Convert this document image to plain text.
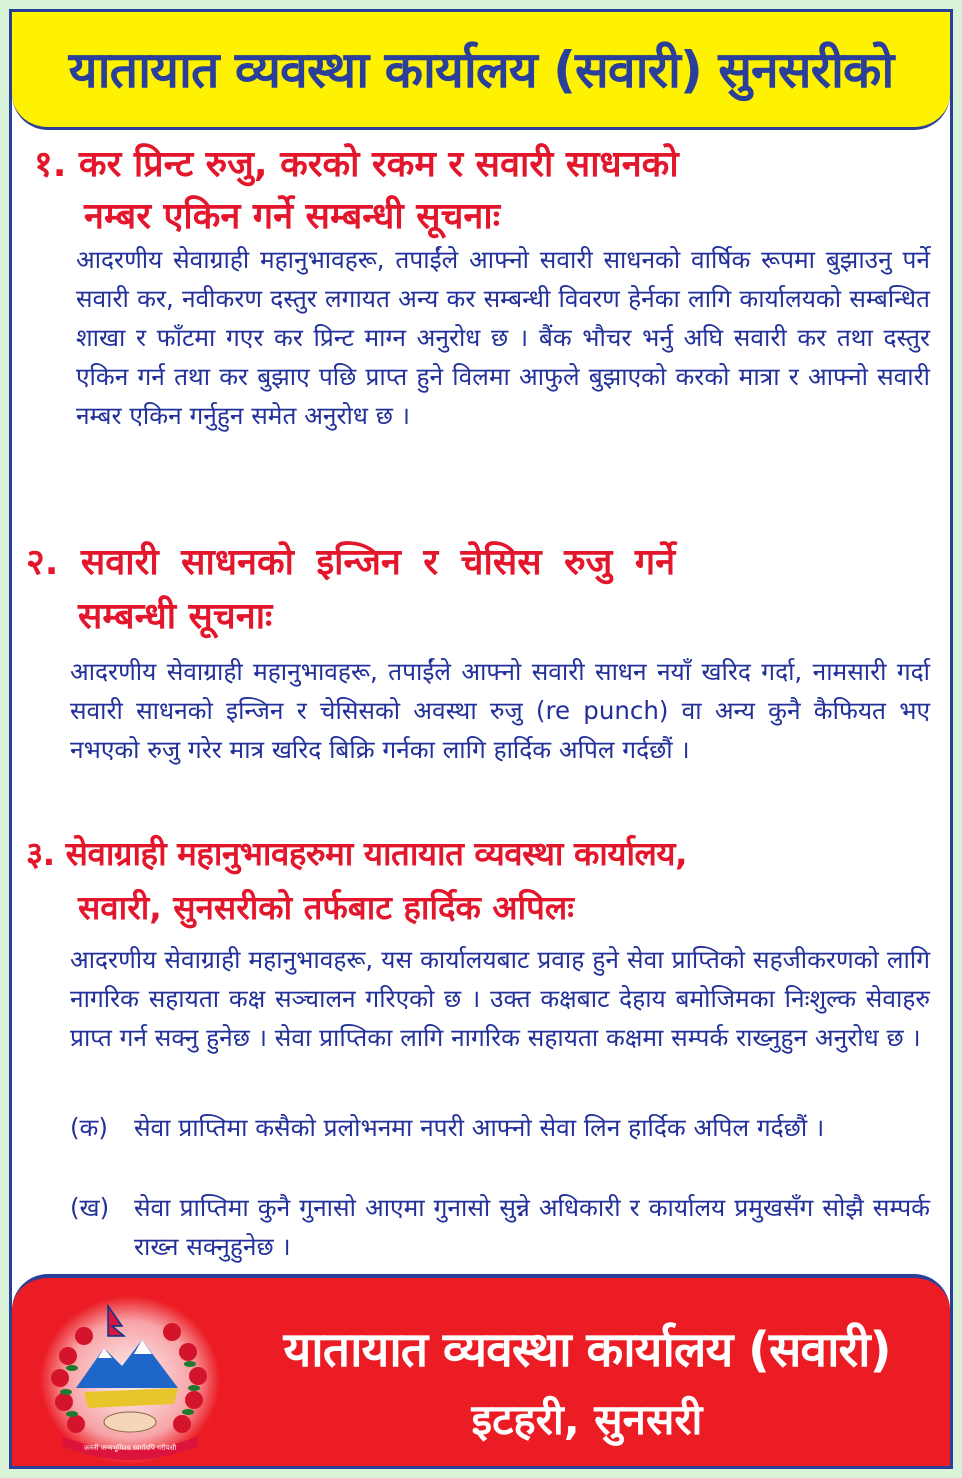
यातायात व्यवस्था कार्यालय (सवारी) सुनसरीको
१. कर प्रिन्ट रुजु, करको रकम र सवारी साधनको
नम्बर एकिन गर्ने सम्बन्धी सूचनाः
आदरणीय सेवाग्राही महानुभावहरू, तपाईंले आफ्नो सवारी साधनको वार्षिक रूपमा बुझाउनु पर्ने सवारी कर, नवीकरण दस्तुर लगायत अन्य कर सम्बन्धी विवरण हेर्नका लागि कार्यालयको सम्बन्धित शाखा र फाँटमा गएर कर प्रिन्ट माग्न अनुरोध छ । बैंक भौचर भर्नु अघि सवारी कर तथा दस्तुर एकिन गर्न तथा कर बुझाए पछि प्राप्त हुने विलमा आफुले बुझाएको करको मात्रा र आफ्नो सवारी नम्बर एकिन गर्नुहुन समेत अनुरोध छ ।
२. सवारी साधनको इन्जिन र चेसिस रुजु गर्ने
सम्बन्धी सूचनाः
आदरणीय सेवाग्राही महानुभावहरू, तपाईंले आफ्नो सवारी साधन नयाँ खरिद गर्दा, नामसारी गर्दा सवारी साधनको इन्जिन र चेसिसको अवस्था रुजु (re punch) वा अन्य कुनै कैफियत भए नभएको रुजु गरेर मात्र खरिद बिक्रि गर्नका लागि हार्दिक अपिल गर्दछौं ।
३. सेवाग्राही महानुभावहरुमा यातायात व्यवस्था कार्यालय,
सवारी, सुनसरीको तर्फबाट हार्दिक अपिलः
आदरणीय सेवाग्राही महानुभावहरू, यस कार्यालयबाट प्रवाह हुने सेवा प्राप्तिको सहजीकरणको लागि नागरिक सहायता कक्ष सञ्चालन गरिएको छ । उक्त कक्षबाट देहाय बमोजिमका निःशुल्क सेवाहरु प्राप्त गर्न सक्नु हुनेछ । सेवा प्राप्तिका लागि नागरिक सहायता कक्षमा सम्पर्क राख्नुहुन अनुरोध छ ।
(क) सेवा प्राप्तिमा कसैको प्रलोभनमा नपरी आफ्नो सेवा लिन हार्दिक अपिल गर्दछौं ।
(ख) सेवा प्राप्तिमा कुनै गुनासो आएमा गुनासो सुन्ने अधिकारी र कार्यालय प्रमुखसँग सोझै सम्पर्क राख्न सक्नुहुनेछ ।
जननी जन्मभूमिश्च स्वर्गादपि गरीयसी
यातायात व्यवस्था कार्यालय (सवारी)
इटहरी, सुनसरी
